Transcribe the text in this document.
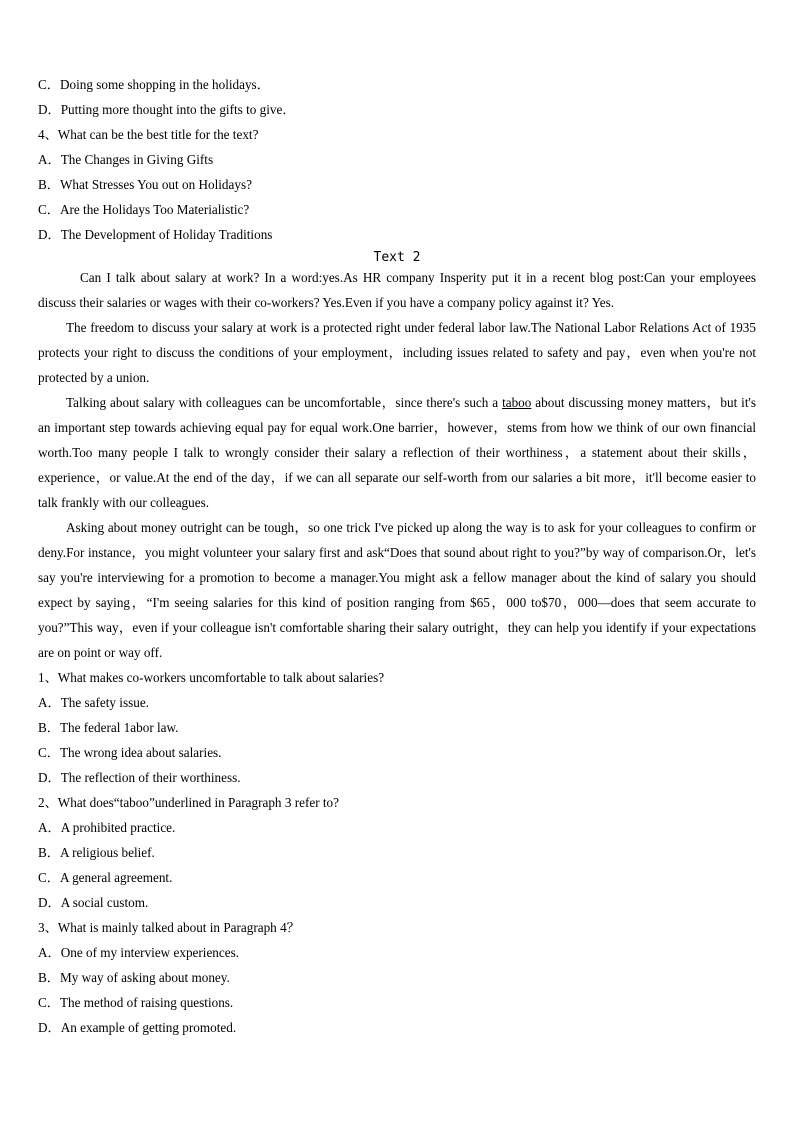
C．Doing some shopping in the holidays．
D．Putting more thought into the gifts to give．
4、What can be the best title for the text?
A．The Changes in Giving Gifts
B．What Stresses You out on Holidays?
C．Are the Holidays Too Materialistic?
D．The Development of Holiday Traditions
Text 2

Can I talk about salary at work? In a word:yes.As HR company Insperity put it in a recent blog post:Can your employees discuss their salaries or wages with their co-workers? Yes.Even if you have a company policy against it? Yes.

The freedom to discuss your salary at work is a protected right under federal labor law.The National Labor Relations Act of 1935 protects your right to discuss the conditions of your employment，including issues related to safety and pay，even when you're not protected by a union.

Talking about salary with colleagues can be uncomfortable，since there's such a taboo about discussing money matters，but it's an important step towards achieving equal pay for equal work.One barrier，however，stems from how we think of our own financial worth.Too many people I talk to wrongly consider their salary a reflection of their worthiness，a statement about their skills，experience，or value.At the end of the day，if we can all separate our self-worth from our salaries a bit more，it'll become easier to talk frankly with our colleagues.

Asking about money outright can be tough，so one trick I've picked up along the way is to ask for your colleagues to confirm or deny.For instance，you might volunteer your salary first and ask“Does that sound about right to you?”by way of comparison.Or，let's say you're interviewing for a promotion to become a manager.You might ask a fellow manager about the kind of salary you should expect by saying，“I'm seeing salaries for this kind of position ranging from $65，000 to$70，000—does that seem accurate to you?”This way，even if your colleague isn't comfortable sharing their salary outright，they can help you identify if your expectations are on point or way off.

1、What makes co-workers uncomfortable to talk about salaries?
A．The safety issue.
B．The federal 1abor law.
C．The wrong idea about salaries.
D．The reflection of their worthiness.
2、What does“taboo”underlined in Paragraph 3 refer to?
A．A prohibited practice.
B．A religious belief.
C．A general agreement.
D．A social custom.
3、What is mainly talked about in Paragraph 4？
A．One of my interview experiences.
B．My way of asking about money.
C．The method of raising questions.
D．An example of getting promoted.
